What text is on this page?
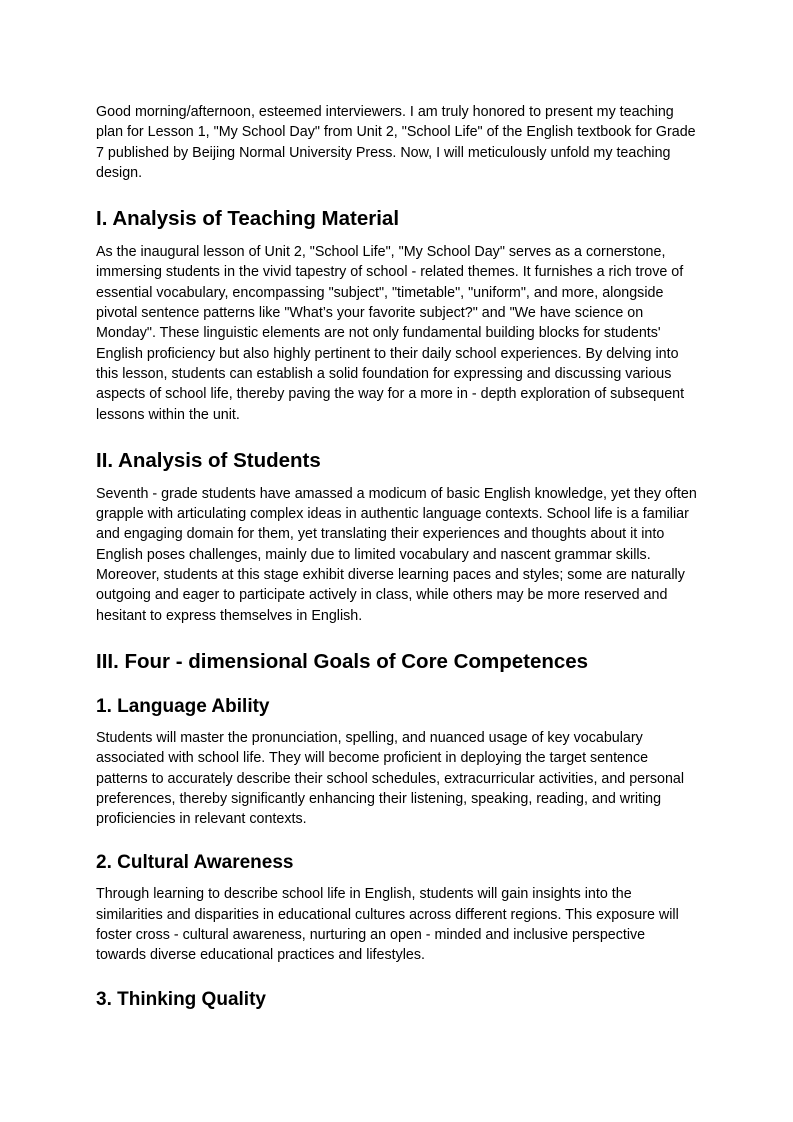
Good morning/afternoon, esteemed interviewers. I am truly honored to present my teaching plan for Lesson 1, "My School Day" from Unit 2, "School Life" of the English textbook for Grade 7 published by Beijing Normal University Press. Now, I will meticulously unfold my teaching design.

I. Analysis of Teaching Material

As the inaugural lesson of Unit 2, "School Life", "My School Day" serves as a cornerstone, immersing students in the vivid tapestry of school - related themes. It furnishes a rich trove of essential vocabulary, encompassing "subject", "timetable", "uniform", and more, alongside pivotal sentence patterns like "What’s your favorite subject?" and "We have science on Monday". These linguistic elements are not only fundamental building blocks for students' English proficiency but also highly pertinent to their daily school experiences. By delving into this lesson, students can establish a solid foundation for expressing and discussing various aspects of school life, thereby paving the way for a more in - depth exploration of subsequent lessons within the unit.

II. Analysis of Students

Seventh - grade students have amassed a modicum of basic English knowledge, yet they often grapple with articulating complex ideas in authentic language contexts. School life is a familiar and engaging domain for them, yet translating their experiences and thoughts about it into English poses challenges, mainly due to limited vocabulary and nascent grammar skills. Moreover, students at this stage exhibit diverse learning paces and styles; some are naturally outgoing and eager to participate actively in class, while others may be more reserved and hesitant to express themselves in English.

III. Four - dimensional Goals of Core Competences
1. Language Ability

Students will master the pronunciation, spelling, and nuanced usage of key vocabulary associated with school life. They will become proficient in deploying the target sentence patterns to accurately describe their school schedules, extracurricular activities, and personal preferences, thereby significantly enhancing their listening, speaking, reading, and writing proficiencies in relevant contexts.

2. Cultural Awareness

Through learning to describe school life in English, students will gain insights into the similarities and disparities in educational cultures across different regions. This exposure will foster cross - cultural awareness, nurturing an open - minded and inclusive perspective towards diverse educational practices and lifestyles.

3. Thinking Quality
